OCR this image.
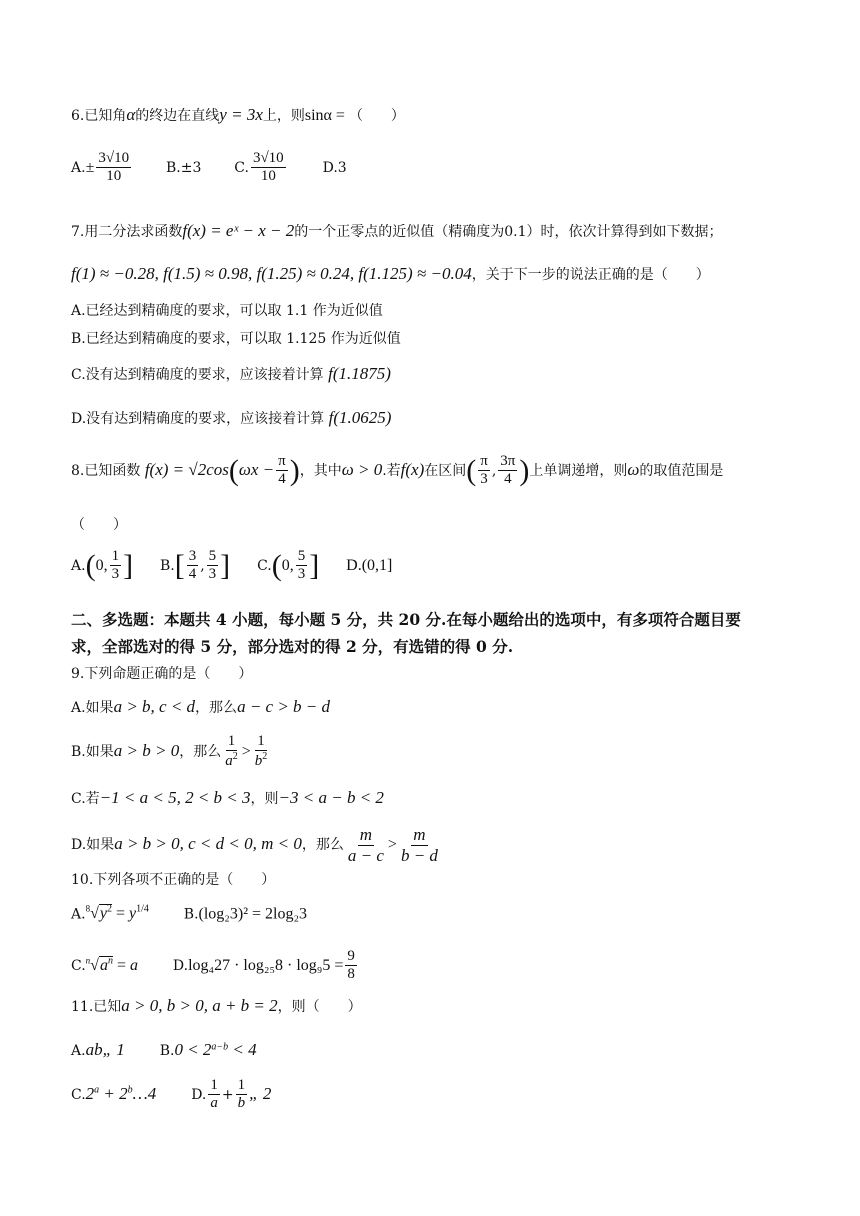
6.已知角α的终边在直线y = 3x上，则sinα = （　　）
$A.\pm \frac{3√10}{10} B.\pm 3$ C. $\frac{3√10}{10}$	D.3
7.用二分法求函数f(x) = eˣ − x − 2的一个正零点的近似值（精确度为0.1）时，依次计算得到如下数据；
f(1) ≈ −0.28, f(1.5) ≈ 0.98, f(1.25) ≈ 0.24, f(1.125) ≈ −0.04，关于下一步的说法正确的是（　　）
A.已经达到精确度的要求，可以取 1.1 作为近似值
B.已经达到精确度的要求，可以取 1.125 作为近似值
C.没有达到精确度的要求，应该接着计算 f(1.1875)
D.没有达到精确度的要求，应该接着计算 f(1.0625)
8.已知函数 $f(x) = √2\cos(\omega x - \frac{\pi}{4}$ )，其中ω > 0.若f(x)在区间( $\frac{\pi}{3}$ , $\frac{3\pi}{4}$ )上单调递增，则ω的取值范围是
（　　）
A.(0, $\frac{1}{3}$ ] $B.[ \frac{3}{4}$ , $\frac{5}{3}$ ] C.(0, $\frac{5}{3}$ ] D.(0,1]
二、多选题：本题共 4 小题，每小题 5 分，共 20 分.在每小题给出的选项中，有多项符合题目要
求，全部选对的得 5 分，部分选对的得 2 分，有选错的得 0 分.
9.下列命题正确的是（　　）
A.如果a > b, c < d，那么a − c > b − d
B.如果a > b > 0，那么 $\frac{1}{a^2} > \frac{1}{b^2}$
C.若−1 < a < 5, 2 < b < 3，则−3 < a − b < 2
D.如果a > b > 0, c < d < 0, m < 0，那么 $\frac{m}{a - c} > \frac{m}{b - d}$
10.下列各项不正确的是（　　）
$A.^8√y^2 = y^{1/4}$ B.(log₂3)² = 2log₂3
$C.^n√a^n = a$ $D.\log_427 \cdot \log_{25}8 \cdot \log_95 = \frac{9}{8}$
11.已知a > 0, b > 0, a + b = 2，则（　　）
A.ab„ 1 $B.0 < 2^{a-b} < 4$
$C.2^a + 2^b\dots 4$ D. $\frac{1}{a} + \frac{1}{b}$ „ 2
